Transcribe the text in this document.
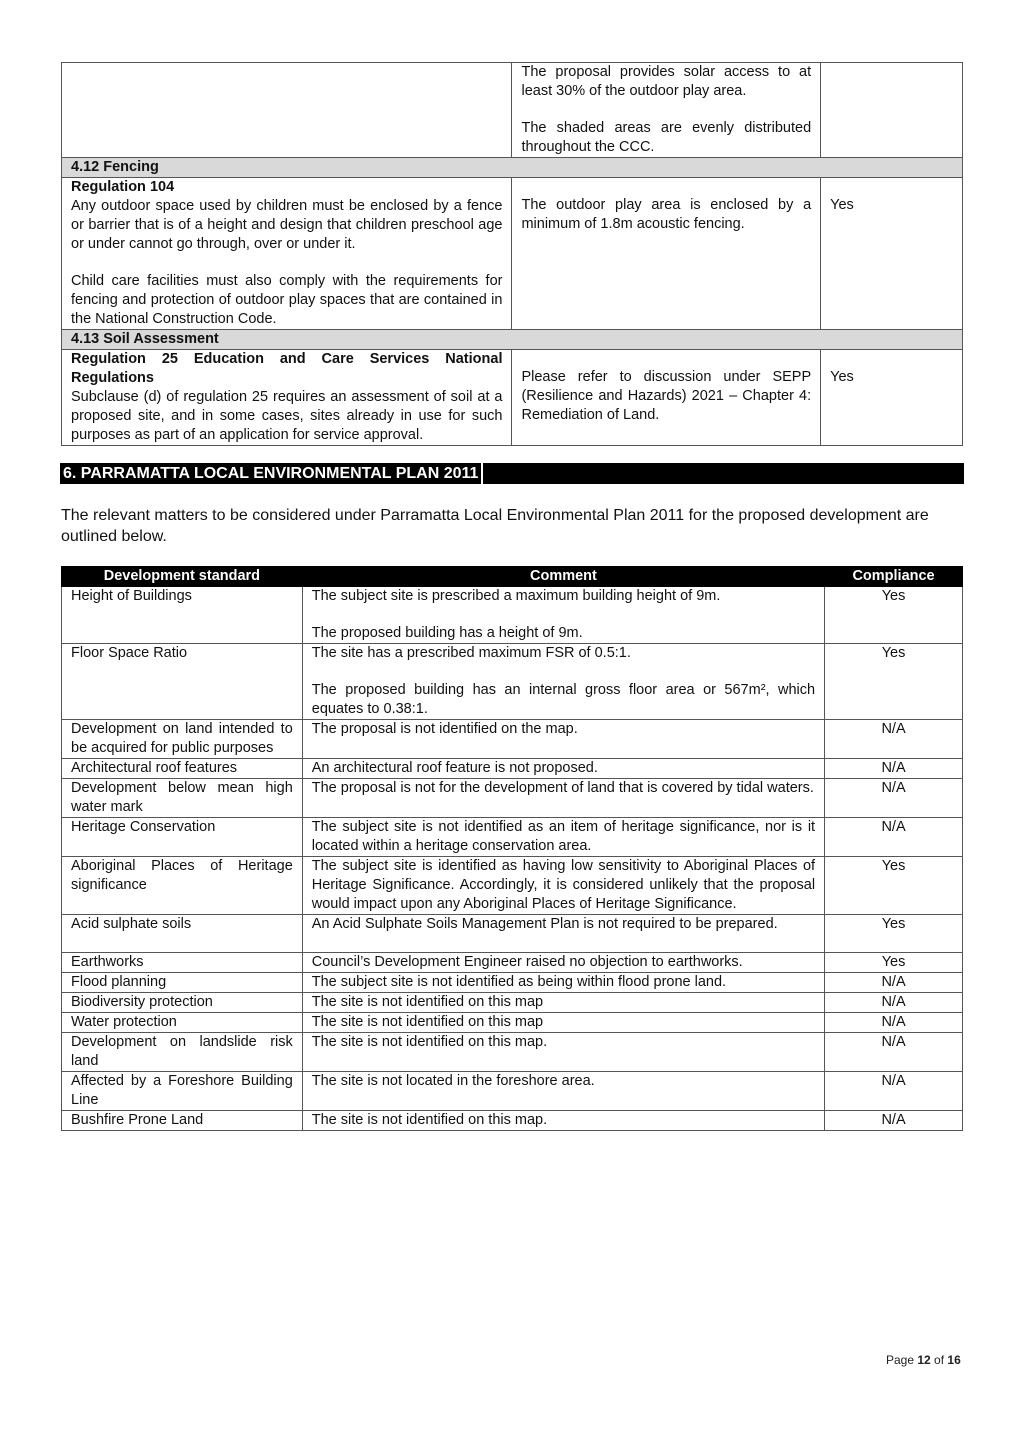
	The proposal provides solar access to at least 30% of the outdoor play area.
The shaded areas are evenly distributed throughout the CCC.	

4.12 Fencing		

Regulation 104
Any outdoor space used by children must be enclosed by a fence or barrier that is of a height and design that children preschool age or under cannot go through, over or under it.
Child care facilities must also comply with the requirements for fencing and protection of outdoor play spaces that are contained in the National Construction Code.	The outdoor play area is enclosed by a minimum of 1.8m acoustic fencing.	Yes

4.13 Soil Assessment		

Regulation 25 Education and Care Services National Regulations
Subclause (d) of regulation 25 requires an assessment of soil at a proposed site, and in some cases, sites already in use for such purposes as part of an application for service approval.	Please refer to discussion under SEPP (Resilience and Hazards) 2021 – Chapter 4: Remediation of Land.	Yes
6. PARRAMATTA LOCAL ENVIRONMENTAL PLAN 2011

The relevant matters to be considered under Parramatta Local Environmental Plan 2011 for the proposed development are outlined below.

Development standard	Comment	Compliance
Height of Buildings	The subject site is prescribed a maximum building height of 9m.
The proposed building has a height of 9m.	Yes
Floor Space Ratio	The site has a prescribed maximum FSR of 0.5:1.
The proposed building has an internal gross floor area or 567m², which equates to 0.38:1.	Yes
Development on land intended to be acquired for public purposes	The proposal is not identified on the map.	N/A
Architectural roof features	An architectural roof feature is not proposed.	N/A
Development below mean high water mark	The proposal is not for the development of land that is covered by tidal waters.	N/A
Heritage Conservation	The subject site is not identified as an item of heritage significance, nor is it located within a heritage conservation area.	N/A
Aboriginal Places of Heritage significance	The subject site is identified as having low sensitivity to Aboriginal Places of Heritage Significance. Accordingly, it is considered unlikely that the proposal would impact upon any Aboriginal Places of Heritage Significance.	Yes
Acid sulphate soils	An Acid Sulphate Soils Management Plan is not required to be prepared.	Yes
Earthworks	Council’s Development Engineer raised no objection to earthworks.	Yes
Flood planning	The subject site is not identified as being within flood prone land.	N/A
Biodiversity protection	The site is not identified on this map	N/A
Water protection	The site is not identified on this map	N/A
Development on landslide risk land	The site is not identified on this map.	N/A
Affected by a Foreshore Building Line	The site is not located in the foreshore area.	N/A
Bushfire Prone Land	The site is not identified on this map.	N/A
Page 12 of 16
